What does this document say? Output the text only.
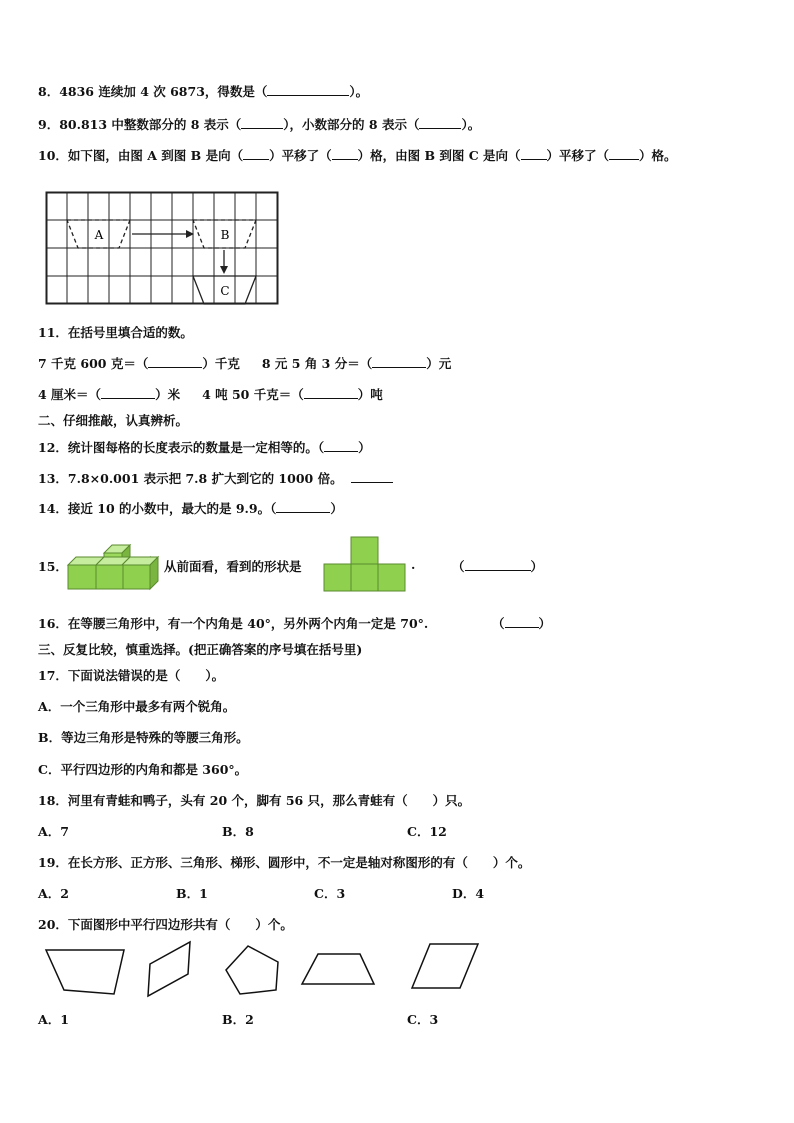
8．4836 连续加 4 次 6873，得数是（	）。
9．80.813 中整数部分的 8 表示（	），小数部分的 8 表示（	）。
10．如下图，由图 A 到图 B 是向（ ）平移了（ ）格，由图 B 到图 C 是向（ ）平移了（ ）格。
A	B
C
11．在括号里填合适的数。
7 千克 600 克＝（	）千克 8 元 5 角 3 分＝（	）元
4 厘米＝（	）米 4 吨 50 千克＝（	）吨
二、仔细推敲，认真辨析。
12．统计图每格的长度表示的数量是一定相等的。（	）
13．7.8×0.001 表示把 7.8 扩大到它的 1000 倍。
14．接近 10 的小数中，最大的是 9.9。（	）
15．	从前面看，看到的形状是	.	（	）
16．在等腰三角形中，有一个内角是 40°，另外两个内角一定是 70°.	（	）
三、反复比较，慎重选择。(把正确答案的序号填在括号里)
17．下面说法错误的是（　　）。
A．一个三角形中最多有两个锐角。
B．等边三角形是特殊的等腰三角形。
C．平行四边形的内角和都是 360°。
18．河里有青蛙和鸭子，头有 20 个，脚有 56 只，那么青蛙有（　　）只。
A．7	B．8	C．12
19．在长方形、正方形、三角形、梯形、圆形中，不一定是轴对称图形的有（　　）个。
A．2	B．1	C．3	D．4
20．下面图形中平行四边形共有（　　）个。
A．1	B．2	C．3
